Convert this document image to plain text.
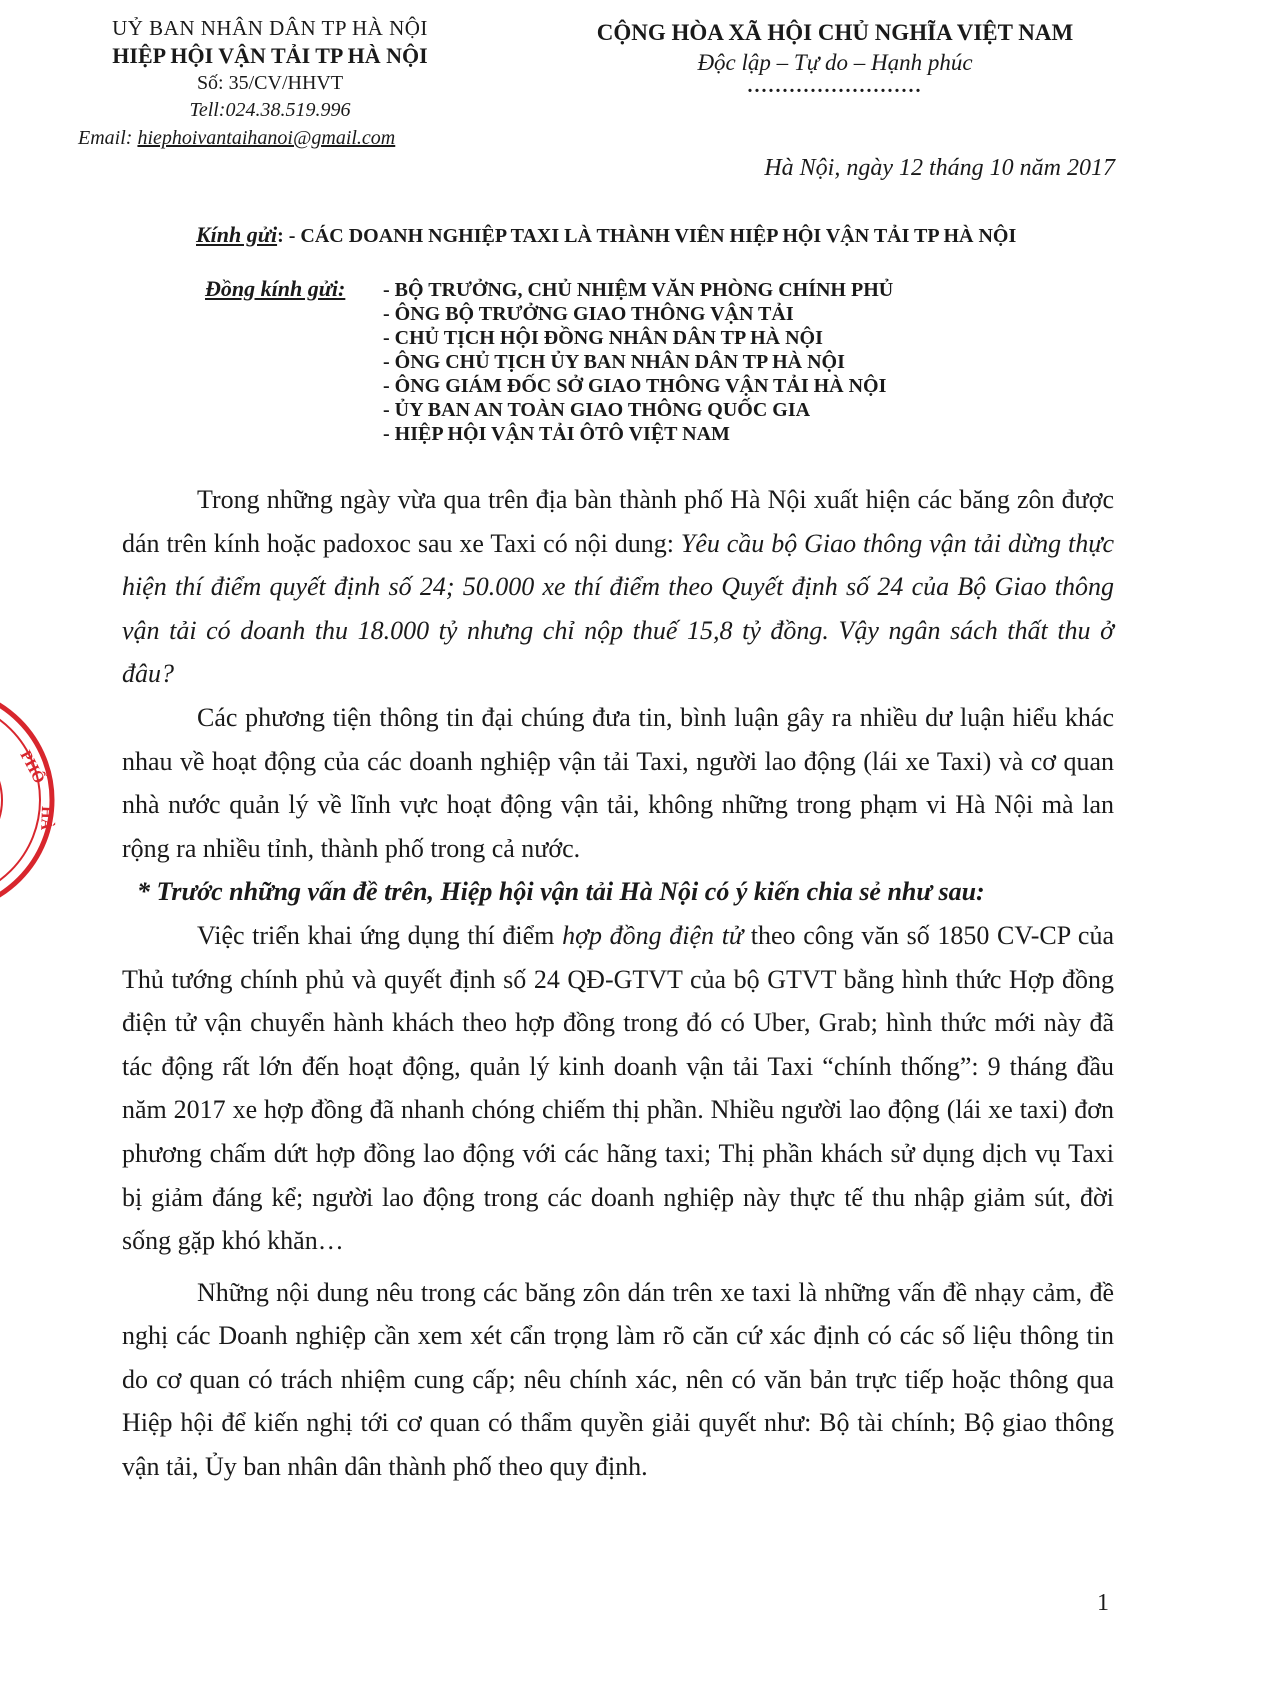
PHỐ
HÀ
UỶ BAN NHÂN DÂN TP HÀ NỘI
HIỆP HỘI VẬN TẢI TP HÀ NỘI
Số: 35/CV/HHVT
Tell:024.38.519.996
Email: hiephoivantaihanoi@gmail.com
CỘNG HÒA XÃ HỘI CHỦ NGHĨA VIỆT NAM
Độc lập – Tự do – Hạnh phúc
.........................
Hà Nội, ngày 12 tháng 10 năm 2017
Kính gửi: - CÁC DOANH NGHIỆP TAXI LÀ THÀNH VIÊN HIỆP HỘI VẬN TẢI TP HÀ NỘI
Đồng kính gửi: - BỘ TRƯỞNG, CHỦ NHIỆM VĂN PHÒNG CHÍNH PHỦ
- ÔNG BỘ TRƯỞNG GIAO THÔNG VẬN TẢI
- CHỦ TỊCH HỘI ĐỒNG NHÂN DÂN TP HÀ NỘI
- ÔNG CHỦ TỊCH ỦY BAN NHÂN DÂN TP HÀ NỘI
- ÔNG GIÁM ĐỐC SỞ GIAO THÔNG VẬN TẢI HÀ NỘI
- ỦY BAN AN TOÀN GIAO THÔNG QUỐC GIA
- HIỆP HỘI VẬN TẢI ÔTÔ VIỆT NAM

Trong những ngày vừa qua trên địa bàn thành phố Hà Nội xuất hiện các băng zôn được dán trên kính hoặc padoxoc sau xe Taxi có nội dung: Yêu cầu bộ Giao thông vận tải dừng thực hiện thí điểm quyết định số 24; 50.000 xe thí điểm theo Quyết định số 24 của Bộ Giao thông vận tải có doanh thu 18.000 tỷ nhưng chỉ nộp thuế 15,8 tỷ đồng. Vậy ngân sách thất thu ở đâu?

Các phương tiện thông tin đại chúng đưa tin, bình luận gây ra nhiều dư luận hiểu khác nhau về hoạt động của các doanh nghiệp vận tải Taxi, người lao động (lái xe Taxi) và cơ quan nhà nước quản lý về lĩnh vực hoạt động vận tải, không những trong phạm vi Hà Nội mà lan rộng ra nhiều tỉnh, thành phố trong cả nước.

* Trước những vấn đề trên, Hiệp hội vận tải Hà Nội có ý kiến chia sẻ như sau:

Việc triển khai ứng dụng thí điểm hợp đồng điện tử theo công văn số 1850 CV-CP của Thủ tướng chính phủ và quyết định số 24 QĐ-GTVT của bộ GTVT bằng hình thức Hợp đồng điện tử vận chuyển hành khách theo hợp đồng trong đó có Uber, Grab; hình thức mới này đã tác động rất lớn đến hoạt động, quản lý kinh doanh vận tải Taxi “chính thống”: 9 tháng đầu năm 2017 xe hợp đồng đã nhanh chóng chiếm thị phần. Nhiều người lao động (lái xe taxi) đơn phương chấm dứt hợp đồng lao động với các hãng taxi; Thị phần khách sử dụng dịch vụ Taxi bị giảm đáng kể; người lao động trong các doanh nghiệp này thực tế thu nhập giảm sút, đời sống gặp khó khăn…

Những nội dung nêu trong các băng zôn dán trên xe taxi là những vấn đề nhạy cảm, đề nghị các Doanh nghiệp cần xem xét cẩn trọng làm rõ căn cứ xác định có các số liệu thông tin do cơ quan có trách nhiệm cung cấp; nêu chính xác, nên có văn bản trực tiếp hoặc thông qua Hiệp hội để kiến nghị tới cơ quan có thẩm quyền giải quyết như: Bộ tài chính; Bộ giao thông vận tải, Ủy ban nhân dân thành phố theo quy định.

1
